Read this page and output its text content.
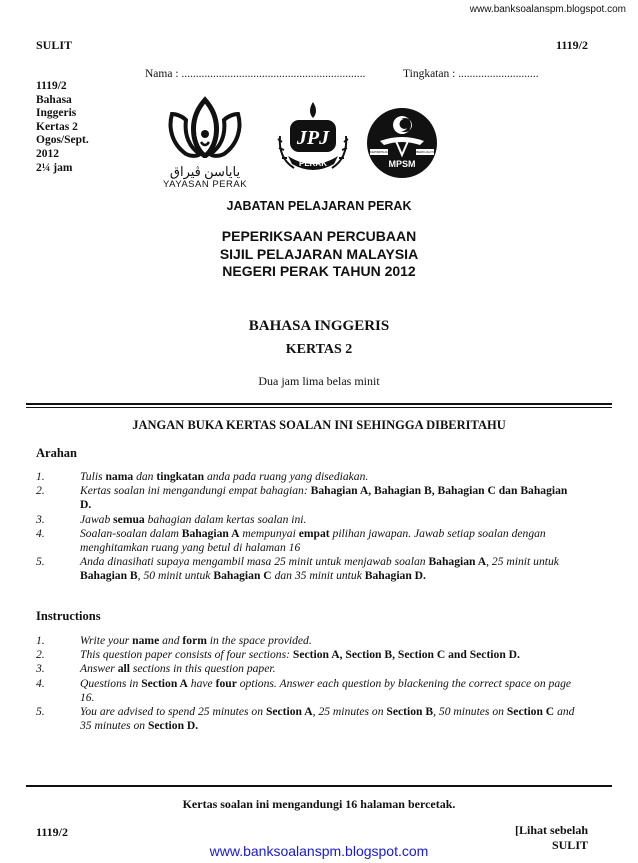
www.banksoalanspm.blogspot.com
SULIT	1119/2
1119/2
Bahasa
Inggeris
Kertas 2
Ogos/Sept.
2012
2¼ jam
Nama : ................................................................	Tingkatan : ............................
ياياسن ڤيراق
YAYASAN PERAK
JPJ
PERAK
KEPIMPINAN	BERKUALITI
MPSM
JABATAN PELAJARAN PERAK
PEPERIKSAAN PERCUBAAN
SIJIL PELAJARAN MALAYSIA
NEGERI PERAK TAHUN 2012
BAHASA INGGERIS
KERTAS 2
Dua jam lima belas minit
JANGAN BUKA KERTAS SOALAN INI SEHINGGA DIBERITAHU
Arahan
1.	Tulis nama dan tingkatan anda pada ruang yang disediakan.
2.	Kertas soalan ini mengandungi empat bahagian: Bahagian A, Bahagian B, Bahagian C dan Bahagian D.
3.	Jawab semua bahagian dalam kertas soalan ini.
4.	Soalan-soalan dalam Bahagian A mempunyai empat pilihan jawapan. Jawab setiap soalan dengan menghitamkan ruang yang betul di halaman 16
5.	Anda dinasihati supaya mengambil masa 25 minit untuk menjawab soalan Bahagian A, 25 minit untuk Bahagian B, 50 minit untuk Bahagian C dan 35 minit untuk Bahagian D.
Instructions
1.	Write your name and form in the space provided.
2.	This question paper consists of four sections: Section A, Section B, Section C and Section D.
3.	Answer all sections in this question paper.
4.	Questions in Section A have four options. Answer each question by blackening the correct space on page 16.
5.	You are advised to spend 25 minutes on Section A, 25 minutes on Section B, 50 minutes on Section C and 35 minutes on Section D.
Kertas soalan ini mengandungi 16 halaman bercetak.
1119/2	[Lihat sebelah
SULIT
www.banksoalanspm.blogspot.com
